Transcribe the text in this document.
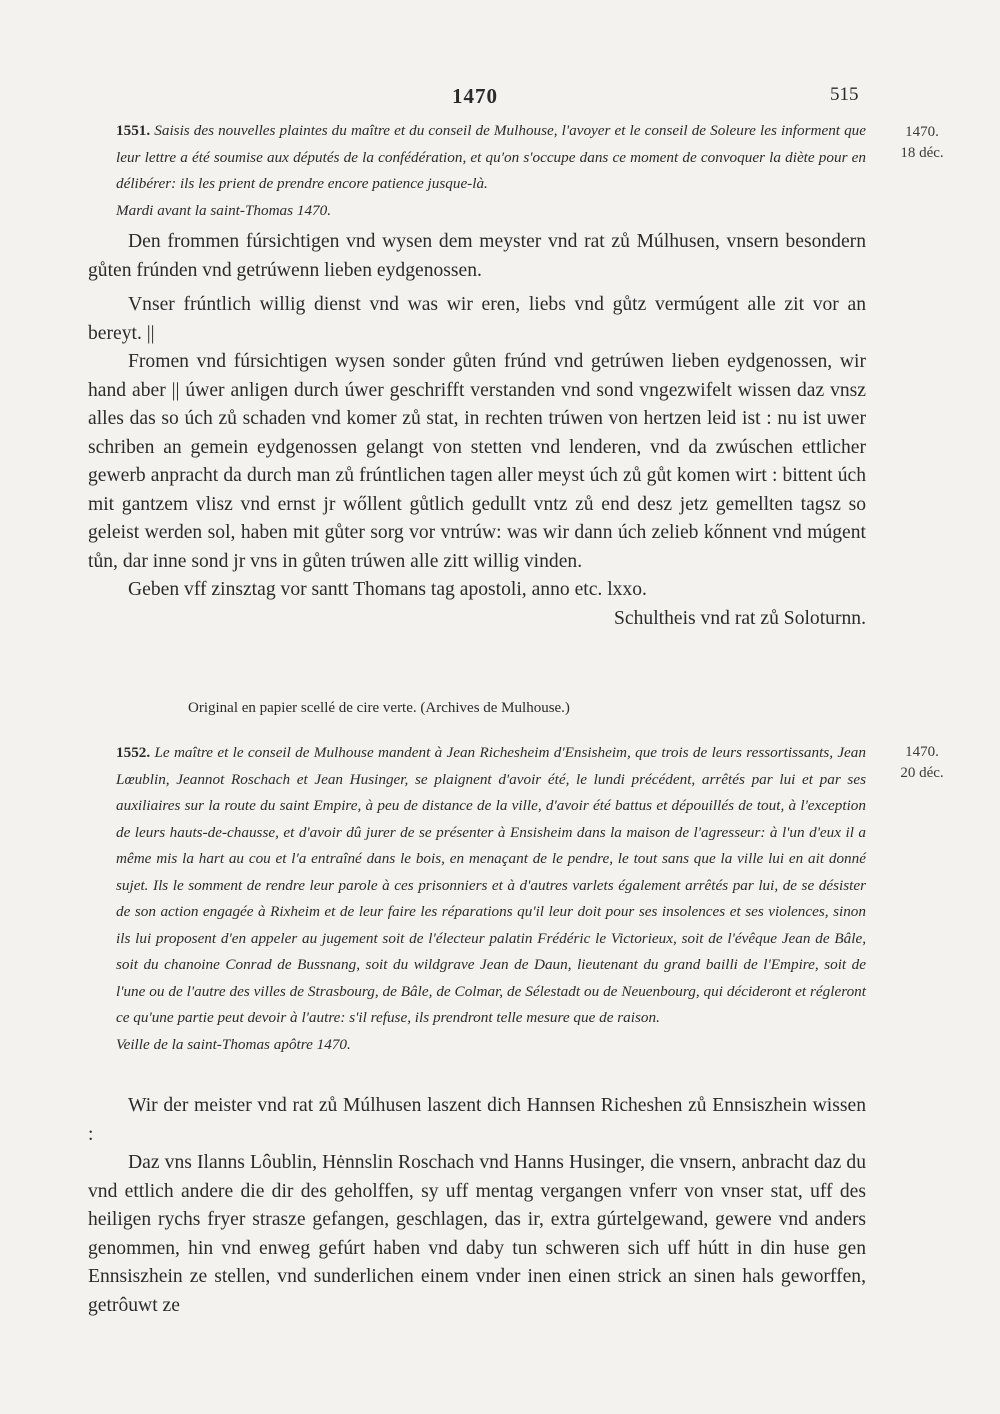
1470	515
1470.
18 déc.
1551. Saisis des nouvelles plaintes du maître et du conseil de Mulhouse, l'avoyer et le conseil de Soleure les informent que leur lettre a été soumise aux députés de la confédération, et qu'on s'occupe dans ce moment de convoquer la diète pour en délibérer: ils les prient de prendre encore patience jusque-là.
Mardi avant la saint-Thomas 1470.

Den frommen fúrsichtigen vnd wysen dem meyster vnd rat zů Múlhusen, vnsern besondern gůten frúnden vnd getrúwenn lieben eydgenossen.

Vnser frúntlich willig dienst vnd was wir eren, liebs vnd gůtz vermúgent alle zit vor an bereyt. ||

Fromen vnd fúrsichtigen wysen sonder gůten frúnd vnd getrúwen lieben eydgenossen, wir hand aber || úwer anligen durch úwer geschrifft verstanden vnd sond vngezwifelt wissen daz vnsz alles das so úch zů schaden vnd komer zů stat, in rechten trúwen von hertzen leid ist : nu ist uwer schriben an gemein eydgenossen gelangt von stetten vnd lenderen, vnd da zwúschen ettlicher gewerb anpracht da durch man zů frúntlichen tagen aller meyst úch zů gůt komen wirt : bittent úch mit gantzem vlisz vnd ernst jr wőllent gůtlich gedullt vntz zů end desz jetz gemellten tagsz so geleist werden sol, haben mit gůter sorg vor vntrúw: was wir dann úch zelieb kőnnent vnd múgent tůn, dar inne sond jr vns in gůten trúwen alle zitt willig vinden.

Geben vff zinsztag vor santt Thomans tag apostoli, anno etc. lxxo.

Schultheis vnd rat zů Soloturnn.

Original en papier scellé de cire verte. (Archives de Mulhouse.)
1470.
20 déc.
1552. Le maître et le conseil de Mulhouse mandent à Jean Richesheim d'Ensisheim, que trois de leurs ressortissants, Jean Lœublin, Jeannot Roschach et Jean Husinger, se plaignent d'avoir été, le lundi précédent, arrêtés par lui et par ses auxiliaires sur la route du saint Empire, à peu de distance de la ville, d'avoir été battus et dépouillés de tout, à l'exception de leurs hauts-de-chausse, et d'avoir dû jurer de se présenter à Ensisheim dans la maison de l'agresseur: à l'un d'eux il a même mis la hart au cou et l'a entraîné dans le bois, en menaçant de le pendre, le tout sans que la ville lui en ait donné sujet. Ils le somment de rendre leur parole à ces prisonniers et à d'autres varlets également arrêtés par lui, de se désister de son action engagée à Rixheim et de leur faire les réparations qu'il leur doit pour ses insolences et ses violences, sinon ils lui proposent d'en appeler au jugement soit de l'électeur palatin Frédéric le Victorieux, soit de l'évêque Jean de Bâle, soit du chanoine Conrad de Bussnang, soit du wildgrave Jean de Daun, lieutenant du grand bailli de l'Empire, soit de l'une ou de l'autre des villes de Strasbourg, de Bâle, de Colmar, de Sélestadt ou de Neuenbourg, qui décideront et régleront ce qu'une partie peut devoir à l'autre: s'il refuse, ils prendront telle mesure que de raison.
Veille de la saint-Thomas apôtre 1470.

Wir der meister vnd rat zů Múlhusen laszent dich Hannsen Richeshen zů Ennsiszhein wissen :

Daz vns Ilanns Lôublin, Hėnnslin Roschach vnd Hanns Husinger, die vnsern, anbracht daz du vnd ettlich andere die dir des geholffen, sy uff mentag vergangen vnferr von vnser stat, uff des heiligen rychs fryer strasze gefangen, geschlagen, das ir, extra gúrtelgewand, gewere vnd anders genommen, hin vnd enweg gefúrt haben vnd daby tun schweren sich uff hútt in din huse gen Ennsiszhein ze stellen, vnd sunderlichen einem vnder inen einen strick an sinen hals geworffen, getrôuwt ze
